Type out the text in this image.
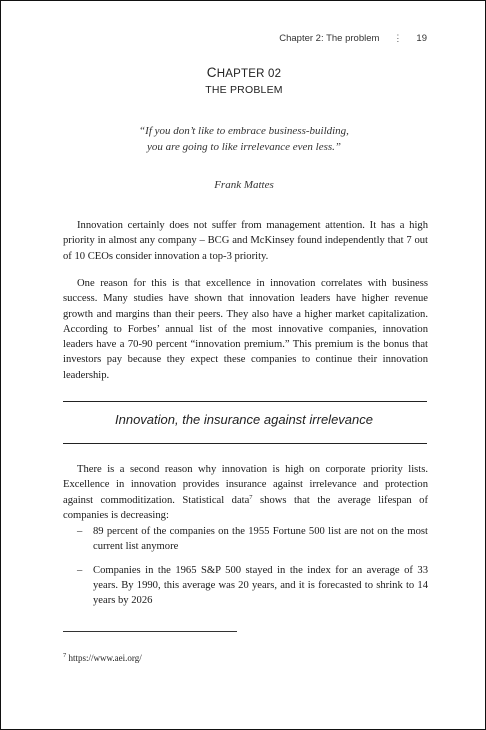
Chapter 2: The problem ⋮ 19
CHAPTER 02
THE PROBLEM
“If you don’t like to embrace business-building,
you are going to like irrelevance even less.”
Frank Mattes

Innovation certainly does not suffer from management attention. It has a high priority in almost any company – BCG and McKinsey found independently that 7 out of 10 CEOs consider innovation a top-3 priority.

One reason for this is that excellence in innovation correlates with business success. Many studies have shown that innovation leaders have higher revenue growth and margins than their peers. They also have a higher market capitalization. According to Forbes’ annual list of the most innovative companies, innovation leaders have a 70-90 percent “innovation premium.” This premium is the bonus that investors pay because they expect these companies to continue their innovation leadership.

Innovation, the insurance against irrelevance

There is a second reason why innovation is high on corporate priority lists. Excellence in innovation provides insurance against irrelevance and protection against commoditization. Statistical data$^7$ shows that the average lifespan of companies is decreasing:

– 89 percent of the companies on the 1955 Fortune 500 list are not on the most current list anymore
– Companies in the 1965 S&P 500 stayed in the index for an average of 33 years. By 1990, this average was 20 years, and it is forecasted to shrink to 14 years by 2026
$^7$ https://www.aei.org/
